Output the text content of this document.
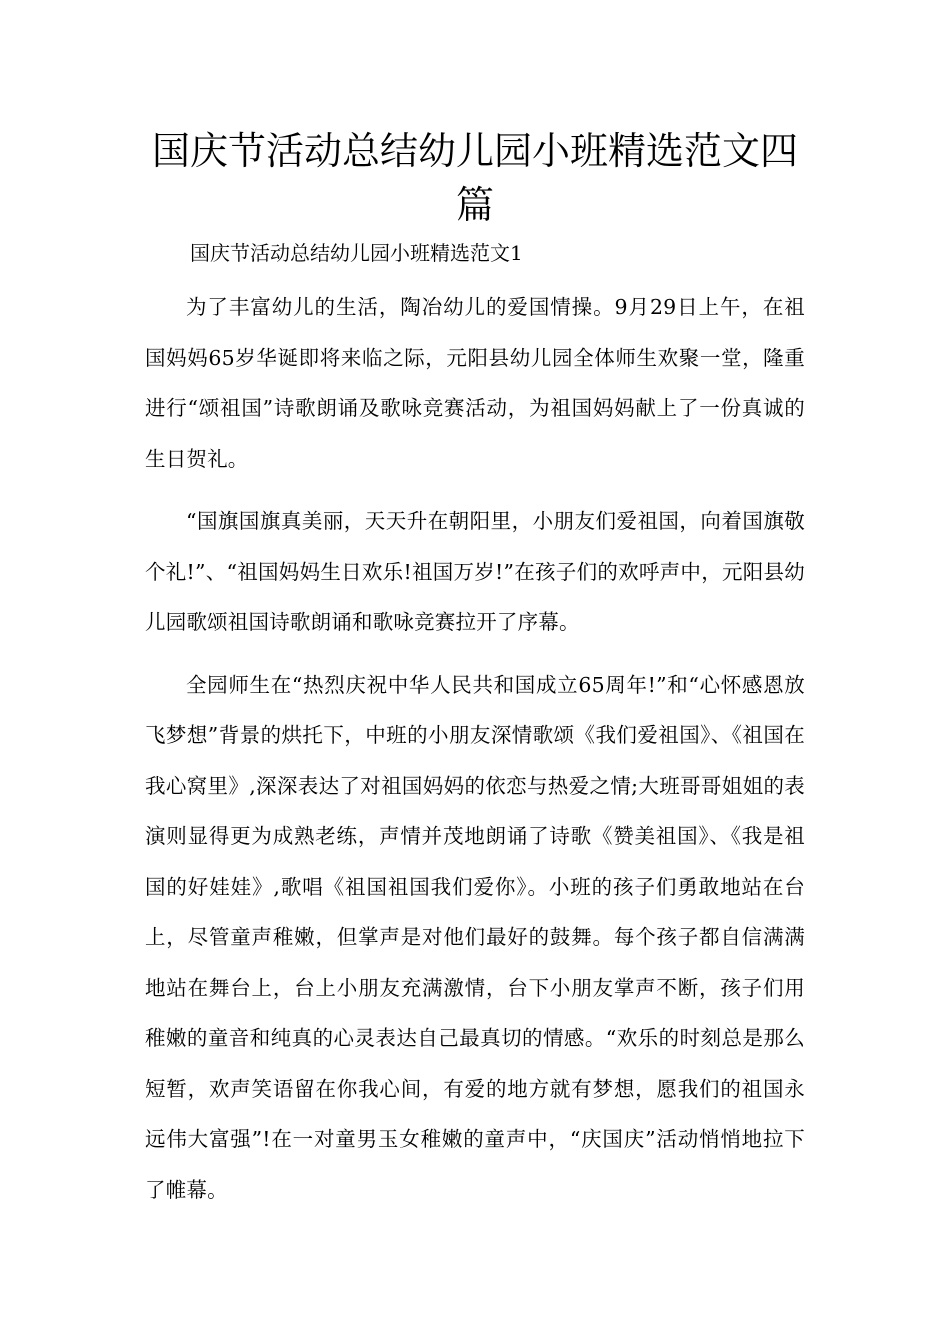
国庆节活动总结幼儿园小班精选范文四篇
国庆节活动总结幼儿园小班精选范文1

为了丰富幼儿的生活，陶冶幼儿的爱国情操。9月29日上午，在祖国妈妈65岁华诞即将来临之际，元阳县幼儿园全体师生欢聚一堂，隆重进行“颂祖国”诗歌朗诵及歌咏竞赛活动，为祖国妈妈献上了一份真诚的生日贺礼。

“国旗国旗真美丽，天天升在朝阳里，小朋友们爱祖国，向着国旗敬个礼!”、“祖国妈妈生日欢乐!祖国万岁!”在孩子们的欢呼声中，元阳县幼儿园歌颂祖国诗歌朗诵和歌咏竞赛拉开了序幕。

全园师生在“热烈庆祝中华人民共和国成立65周年!”和“心怀感恩放飞梦想”背景的烘托下，中班的小朋友深情歌颂《我们爱祖国》、《祖国在我心窝里》,深深表达了对祖国妈妈的依恋与热爱之情;大班哥哥姐姐的表演则显得更为成熟老练，声情并茂地朗诵了诗歌《赞美祖国》、《我是祖国的好娃娃》,歌唱《祖国祖国我们爱你》。小班的孩子们勇敢地站在台上，尽管童声稚嫩，但掌声是对他们最好的鼓舞。每个孩子都自信满满地站在舞台上，台上小朋友充满激情，台下小朋友掌声不断，孩子们用稚嫩的童音和纯真的心灵表达自己最真切的情感。“欢乐的时刻总是那么短暂，欢声笑语留在你我心间，有爱的地方就有梦想，愿我们的祖国永远伟大富强”!在一对童男玉女稚嫩的童声中，“庆国庆”活动悄悄地拉下了帷幕。
